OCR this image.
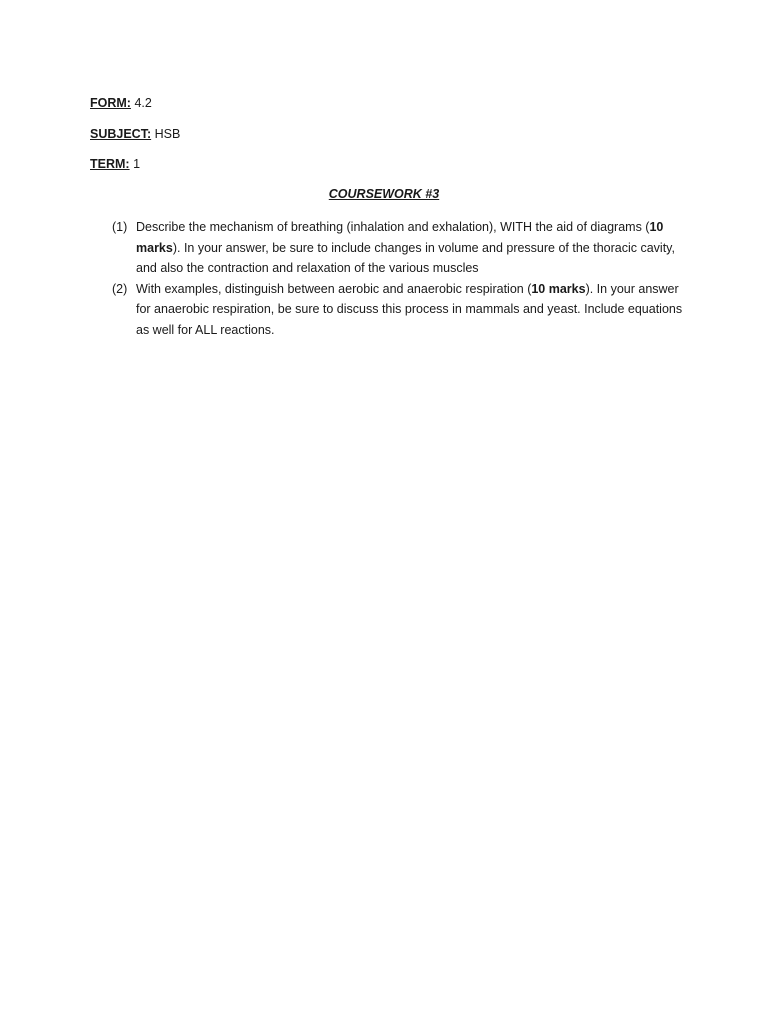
FORM: 4.2
SUBJECT: HSB
TERM: 1
COURSEWORK #3
(1) Describe the mechanism of breathing (inhalation and exhalation), WITH the aid of diagrams (10 marks). In your answer, be sure to include changes in volume and pressure of the thoracic cavity, and also the contraction and relaxation of the various muscles
(2) With examples, distinguish between aerobic and anaerobic respiration (10 marks). In your answer for anaerobic respiration, be sure to discuss this process in mammals and yeast. Include equations as well for ALL reactions.
